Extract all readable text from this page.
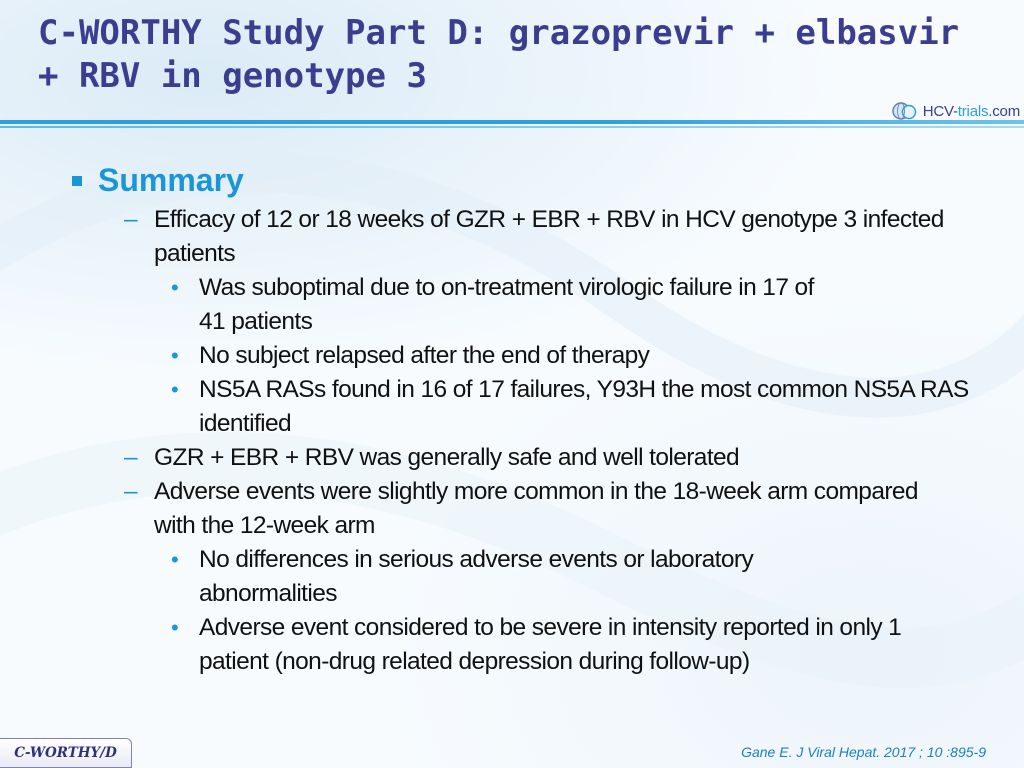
C-WORTHY Study Part D: grazoprevir + elbasvir
+ RBV in genotype 3
HCV-trials.com
Summary
– Efficacy of 12 or 18 weeks of GZR + EBR + RBV in HCV genotype 3 infected patients
• Was suboptimal due to on-treatment virologic failure in 17 of 41 patients
• No subject relapsed after the end of therapy
• NS5A RASs found in 16 of 17 failures, Y93H the most common NS5A RAS identified
– GZR + EBR + RBV was generally safe and well tolerated
– Adverse events were slightly more common in the 18-week arm compared with the 12-week arm
• No differences in serious adverse events or laboratory abnormalities
• Adverse event considered to be severe in intensity reported in only 1 patient (non-drug related depression during follow-up)
C-WORTHY/D	Gane E. J Viral Hepat. 2017 ; 10 :895-9
